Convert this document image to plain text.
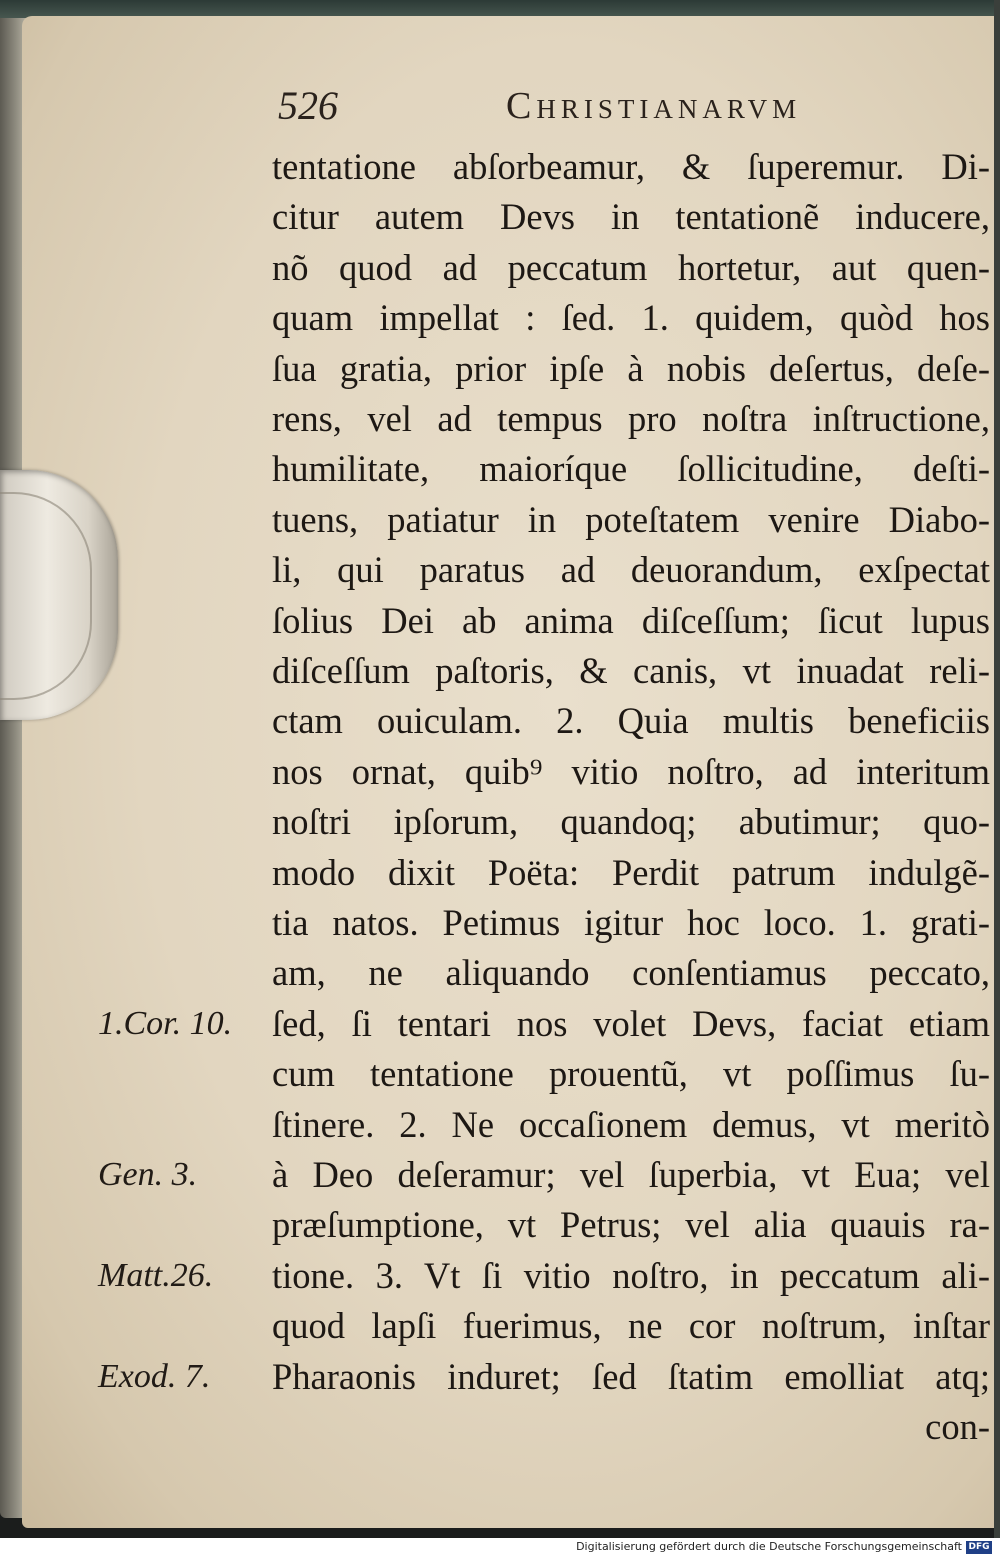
526	Christianarvm
tentatione abſorbeamur, & ſuperemur. Di-
citur autem Devs in tentationẽ inducere,
nõ quod ad peccatum hortetur, aut quen-
quam impellat : ſed. 1. quidem, quòd hos
ſua gratia, prior ipſe à nobis deſertus, deſe-
rens, vel ad tempus pro noſtra inſtructione,
humilitate, maioríque ſollicitudine, deſti-
tuens, patiatur in poteſtatem venire Diabo-
li, qui paratus ad deuorandum, exſpectat
ſolius Dei ab anima diſceſſum; ſicut lupus
diſceſſum paſtoris, & canis, vt inuadat reli-
ctam ouiculam. 2. Quia multis beneficiis
nos ornat, quib⁹ vitio noſtro, ad interitum
noſtri ipſorum, quandoq; abutimur; quo-
modo dixit Poëta: Perdit patrum indulgẽ-
tia natos. Petimus igitur hoc loco. 1. grati-
am, ne aliquando conſentiamus peccato,
ſed, ſi tentari nos volet Devs, faciat etiam
cum tentatione prouentũ, vt poſſimus ſu-
ſtinere. 2. Ne occaſionem demus, vt meritò
à Deo deſeramur; vel ſuperbia, vt Eua; vel
præſumptione, vt Petrus; vel alia quauis ra-
tione. 3. Vt ſi vitio noſtro, in peccatum ali-
quod lapſi fuerimus, ne cor noſtrum, inſtar
Pharaonis induret; ſed ſtatim emolliat atq;
con-
1.Cor. 10.
Gen. 3.
Matt.26.
Exod. 7.
Digitalisierung gefördert durch die Deutsche Forschungsgemeinschaft DFG
